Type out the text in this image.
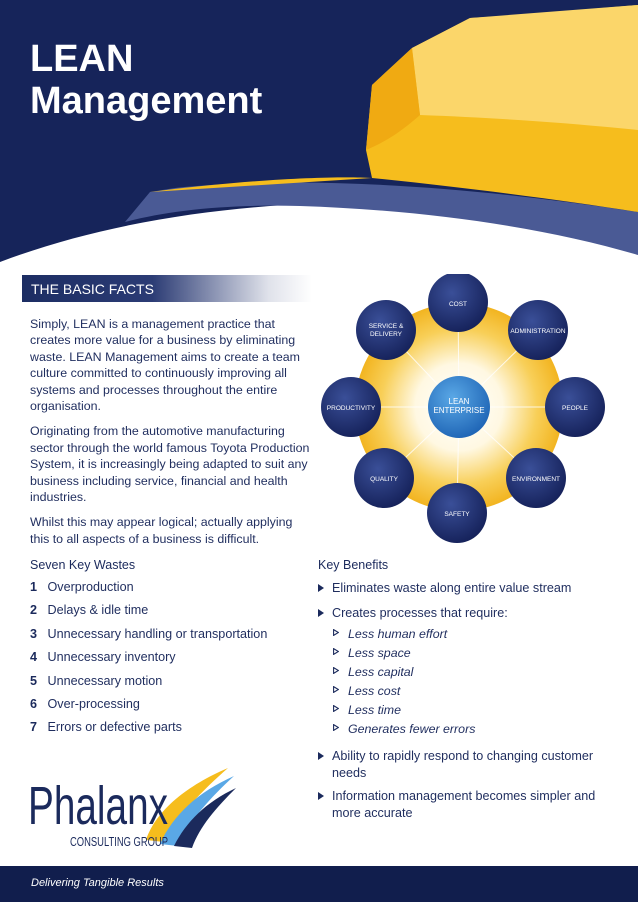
LEAN
Management
THE BASIC FACTS

Simply, LEAN is a management practice that creates more value for a business by eliminating waste. LEAN Management aims to create a team culture committed to continuously improving all systems and processes throughout the entire organisation.

Originating from the automotive manufacturing sector through the world famous Toyota Production System, it is increasingly being adapted to suit any business including service, financial and health industries.

Whilst this may appear logical; actually applying this to all aspects of a business is difficult.

COST
ADMINISTRATION
PEOPLE
ENVIRONMENT
SAFETY
QUALITY
PRODUCTIVITY
SERVICE &
DELIVERY
LEAN
ENTERPRISE
Seven Key Wastes
1 Overproduction
2 Delays & idle time
3 Unnecessary handling or transportation
4 Unnecessary inventory
5 Unnecessary motion
6 Over-processing
7 Errors or defective parts
Key Benefits
Eliminates waste along entire value stream
Creates processes that require:
Less human effort
Less space
Less capital
Less cost
Less time
Generates fewer errors
Ability to rapidly respond to changing customer needs
Information management becomes simpler and more accurate
Phalanx
CONSULTING GROUP
Delivering Tangible Results
